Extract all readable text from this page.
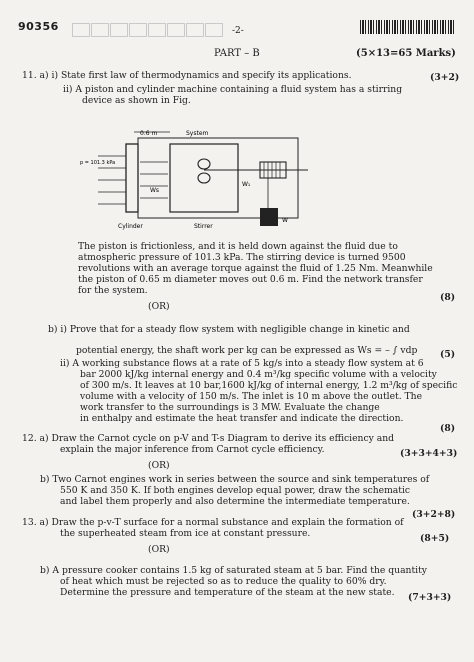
90356	-2-
PART – B	(5×13=65 Marks)
0.6 m	System
p = 101.3 kPa
Ws
W₁
Cylinder	Stirrer
W
11. a) i) State first law of thermodynamics and specify its applications.	(3+2)
ii) A piston and cylinder machine containing a fluid system has a stirring
device as shown in Fig.
The piston is frictionless, and it is held down against the fluid due to
atmospheric pressure of 101.3 kPa. The stirring device is turned 9500
revolutions with an average torque against the fluid of 1.25 Nm. Meanwhile
the piston of 0.65 m diameter moves out 0.6 m. Find the network transfer
for the system.
(8)
(OR)
b) i) Prove that for a steady flow system with negligible change in kinetic and
potential energy, the shaft work per kg can be expressed as Ws = – ∫ vdp (5)
ii) A working substance flows at a rate of 5 kg/s into a steady flow system at 6
bar 2000 kJ/kg internal energy and 0.4 m³/kg specific volume with a velocity
of 300 m/s. It leaves at 10 bar,1600 kJ/kg of internal energy, 1.2 m³/kg of specific
volume with a velocity of 150 m/s. The inlet is 10 m above the outlet. The
work transfer to the surroundings is 3 MW. Evaluate the change
in enthalpy and estimate the heat transfer and indicate the direction.
(8)
12. a) Draw the Carnot cycle on p-V and T-s Diagram to derive its efficiency and
explain the major inference from Carnot cycle efficiency.	(3+3+4+3)
(OR)
b) Two Carnot engines work in series between the source and sink temperatures of
550 K and 350 K. If both engines develop equal power, draw the schematic
and label them properly and also determine the intermediate temperature.
(3+2+8)
13. a) Draw the p-v-T surface for a normal substance and explain the formation of
the superheated steam from ice at constant pressure.	(8+5)
(OR)
b) A pressure cooker contains 1.5 kg of saturated steam at 5 bar. Find the quantity
of heat which must be rejected so as to reduce the quality to 60% dry.
Determine the pressure and temperature of the steam at the new state. (7+3+3)
